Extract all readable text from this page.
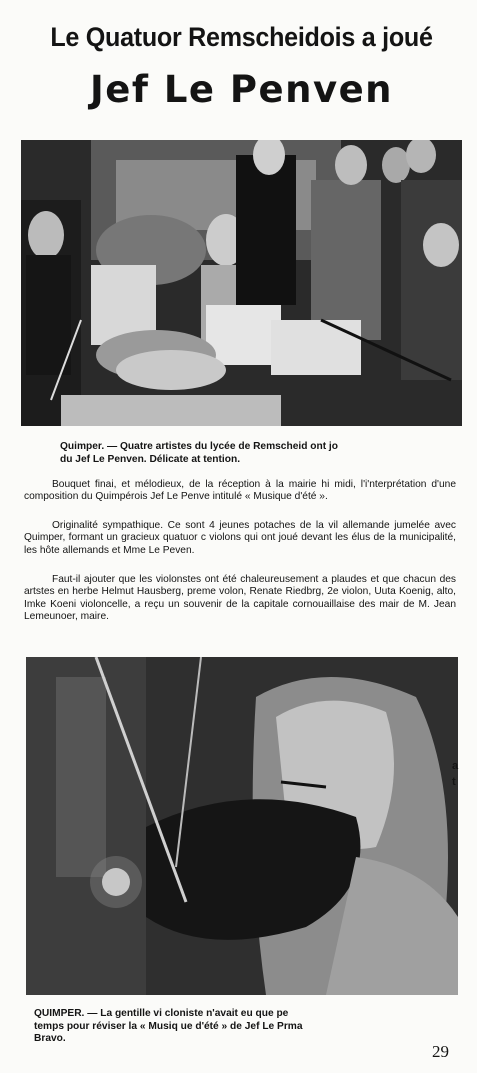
Le Quatuor Remscheidois a joué
Jef Le Penven
Quimper. — Quatre artistes du lycée de Remscheid ont jo
du Jef Le Penven. Délicate at tention.
Bouquet finai, et mélodieux, de la réception à la mairie hi midi, l'i'nterprétation d'une composition du Quimpérois Jef Le Penve intitulé « Musique d'été ».
Originalité sympathique. Ce sont 4 jeunes potaches de la vil allemande jumelée avec Quimper, formant un gracieux quatuor c violons qui ont joué devant les élus de la municipalité, les hôte allemands et Mme Le Peven.
Faut-il ajouter que les violonstes ont été chaleureusement a plaudes et que chacun des artstes en herbe Helmut Hausberg, preme volon, Renate Riedbrg, 2e violon, Uuta Koenig, alto, Imke Koeni violoncelle, a reçu un souvenir de la capitale cornouaillaise des mair de M. Jean Lemeunoer, maire.
QUIMPER. — La gentille vi cloniste n'avait eu que pe
temps pour réviser la « Musiq ue d'été » de Jef Le Prma
Bravo.
a
t
29
